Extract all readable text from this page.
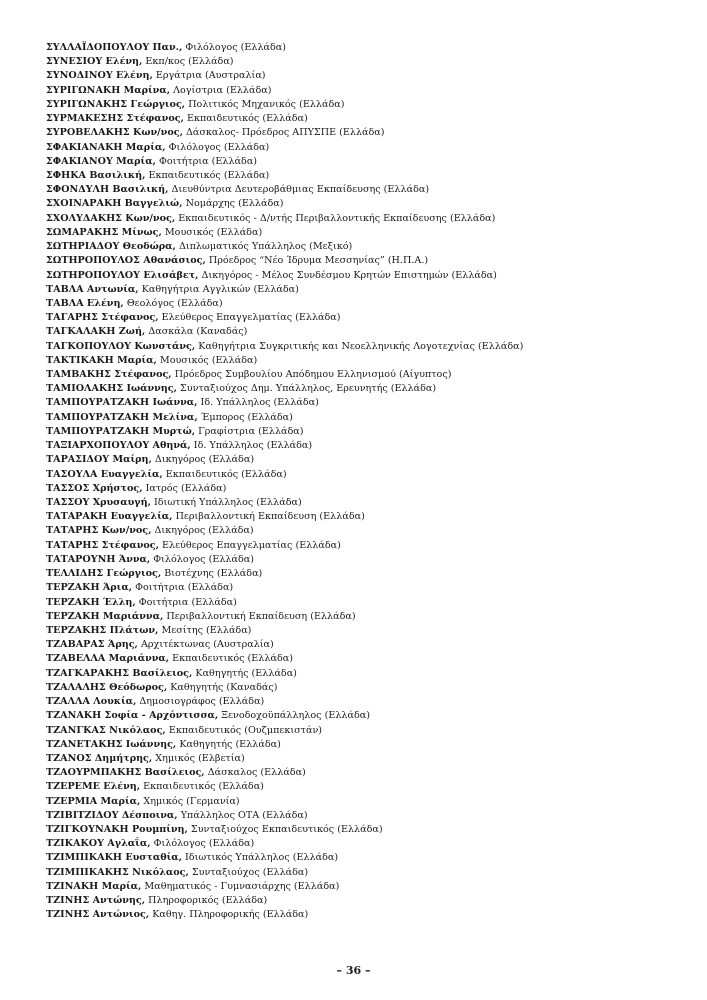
ΣΥΛΛΑΪΔΟΠΟΥΛΟΥ Παν., Φιλόλογος (Ελλάδα)
ΣΥΝΕΣΙΟΥ Ελένη, Εκπ/κος (Ελλάδα)
ΣΥΝΟΔΙΝΟΥ Ελένη, Εργάτρια (Αυστραλία)
ΣΥΡΙΓΩΝΑΚΗ Μαρίνα, Λογίστρια (Ελλάδα)
ΣΥΡΙΓΩΝΑΚΗΣ Γεώργιος, Πολιτικός Μηχανικός (Ελλάδα)
ΣΥΡΜΑΚΕΣΗΣ Στέφανος, Εκπαιδευτικός (Ελλάδα)
ΣΥΡΟΒΕΛΑΚΗΣ Κων/νος, Δάσκαλος- Πρόεδρος ΑΠΥΣΠΕ (Ελλάδα)
ΣΦΑΚΙΑΝΑΚΗ Μαρία, Φιλόλογος (Ελλάδα)
ΣΦΑΚΙΑΝΟΥ Μαρία, Φοιτήτρια (Ελλάδα)
ΣΦΗΚΑ Βασιλική, Εκπαιδευτικός (Ελλάδα)
ΣΦΟΝΔΥΛΗ Βασιλική, Διευθύντρια Δευτεροβάθμιας Εκπαίδευσης (Ελλάδα)
ΣΧΟΙΝΑΡΑΚΗ Βαγγελιώ, Νομάρχης (Ελλάδα)
ΣΧΟΛΥΔΑΚΗΣ Κων/νος, Εκπαιδευτικός - Δ/ντής Περιβαλλοντικής Εκπαίδευσης (Ελλάδα)
ΣΩΜΑΡΑΚΗΣ Μίνως, Μουσικός (Ελλάδα)
ΣΩΤΗΡΙΑΔΟΥ Θεοδώρα, Διπλωματικός Υπάλληλος (Μεξικό)
ΣΩΤΗΡΟΠΟΥΛΟΣ Αθανάσιος, Πρόεδρος “Νέο Ίδρυμα Μεσσηνίας” (Η.Π.Α.)
ΣΩΤΗΡΟΠΟΥΛΟΥ Ελισάβετ, Δικηγόρος - Μέλος Συνδέσμου Κρητών Επιστημών (Ελλάδα)
ΤΑΒΛΑ Αντωνία, Καθηγήτρια Αγγλικών (Ελλάδα)
ΤΑΒΛΑ Ελένη, Θεολόγος (Ελλάδα)
ΤΑΓΑΡΗΣ Στέφανος, Ελεύθερος Επαγγελματίας (Ελλάδα)
ΤΑΓΚΑΛΑΚΗ Ζωή, Δασκάλα (Καναδάς)
ΤΑΓΚΟΠΟΥΛΟΥ Κωνστάνς, Καθηγήτρια Συγκριτικής και Νεοελληνικής Λογοτεχνίας (Ελλάδα)
ΤΑΚΤΙΚΑΚΗ Μαρία, Μουσικός (Ελλάδα)
ΤΑΜΒΑΚΗΣ Στέφανος, Πρόεδρος Συμβουλίου Απόδημου Ελληνισμού (Αίγυπτος)
ΤΑΜΙΟΛΑΚΗΣ Ιωάννης, Συνταξιούχος Δημ. Υπάλληλος, Ερευνητής (Ελλάδα)
ΤΑΜΠΟΥΡΑΤΖΑΚΗ Ιωάννα, Ιδ. Υπάλληλος (Ελλάδα)
ΤΑΜΠΟΥΡΑΤΖΑΚΗ Μελίνα, Έμπορος (Ελλάδα)
ΤΑΜΠΟΥΡΑΤΖΑΚΗ Μυρτώ, Γραφίστρια (Ελλάδα)
ΤΑΞΙΑΡΧΟΠΟΥΛΟΥ Αθηνά, Ιδ. Υπάλληλος (Ελλάδα)
ΤΑΡΑΣΙΔΟΥ Μαίρη, Δικηγόρος (Ελλάδα)
ΤΑΣΟΥΛΑ Ευαγγελία, Εκπαιδευτικός (Ελλάδα)
ΤΑΣΣΟΣ Χρήστος, Ιατρός (Ελλάδα)
ΤΑΣΣΟΥ Χρυσαυγή, Ιδιωτική Υπάλληλος (Ελλάδα)
ΤΑΤΑΡΑΚΗ Ευαγγελία, Περιβαλλοντική Εκπαίδευση (Ελλάδα)
ΤΑΤΑΡΗΣ Κων/νος, Δικηγόρος (Ελλάδα)
ΤΑΤΑΡΗΣ Στέφανος, Ελεύθερος Επαγγελματίας (Ελλάδα)
ΤΑΤΑΡΟΥΝΗ Άννα, Φιλόλογος (Ελλάδα)
ΤΕΛΛΙΔΗΣ Γεώργιος, Βιοτέχνης (Ελλάδα)
ΤΕΡΖΑΚΗ Άρια, Φοιτήτρια (Ελλάδα)
ΤΕΡΖΑΚΗ Έλλη, Φοιτήτρια (Ελλάδα)
ΤΕΡΖΑΚΗ Μαριάννα, Περιβαλλοντική Εκπαίδευση (Ελλάδα)
ΤΕΡΖΑΚΗΣ Πλάτων, Μεσίτης (Ελλάδα)
ΤΖΑΒΑΡΑΣ Άρης, Αρχιτέκτωνας (Αυστραλία)
ΤΖΑΒΕΛΛΑ Μαριάννα, Εκπαιδευτικός (Ελλάδα)
ΤΖΑΓΚΑΡΑΚΗΣ Βασίλειος, Καθηγητής (Ελλάδα)
ΤΖΑΛΑΛΗΣ Θεόδωρος, Καθηγητής (Καναδάς)
ΤΖΑΛΛΑ Λουκία, Δημοσιογράφος (Ελλάδα)
ΤΖΑΝΑΚΗ Σοφία - Αρχόντισσα, Ξενοδοχοϋπάλληλος (Ελλάδα)
ΤΖΑΝΓΚΑΣ Νικόλαος, Εκπαιδευτικός (Ουζμπεκιστάν)
ΤΖΑΝΕΤΑΚΗΣ Ιωάννης, Καθηγητής (Ελλάδα)
ΤΖΑΝΟΣ Δημήτρης, Χημικός (Ελβετία)
ΤΖΑΟΥΡΜΠΑΚΗΣ Βασίλειος, Δάσκαλος (Ελλάδα)
ΤΖΕΡΕΜΕ Ελένη, Εκπαιδευτικός (Ελλάδα)
ΤΖΕΡΜΙΑ Μαρία, Χημικός (Γερμανία)
ΤΖΙΒΙΤΖΙΔΟΥ Δέσποινα, Υπάλληλος ΟΤΑ (Ελλάδα)
ΤΖΙΓΚΟΥΝΑΚΗ Ρουμπίνη, Συνταξιούχος Εκπαιδευτικός (Ελλάδα)
ΤΖΙΚΑΚΟΥ Αγλαΐα, Φιλόλογος (Ελλάδα)
ΤΖΙΜΠΙΚΑΚΗ Ευσταθία, Ιδιωτικός Υπάλληλος (Ελλάδα)
ΤΖΙΜΠΙΚΑΚΗΣ Νικόλαος, Συνταξιούχος (Ελλάδα)
ΤΖΙΝΑΚΗ Μαρία, Μαθηματικός - Γυμνασιάρχης (Ελλάδα)
ΤΖΙΝΗΣ Αντώνης, Πληροφορικός (Ελλάδα)
ΤΖΙΝΗΣ Αντώνιος, Καθηγ. Πληροφορικής (Ελλάδα)
– 36 –
